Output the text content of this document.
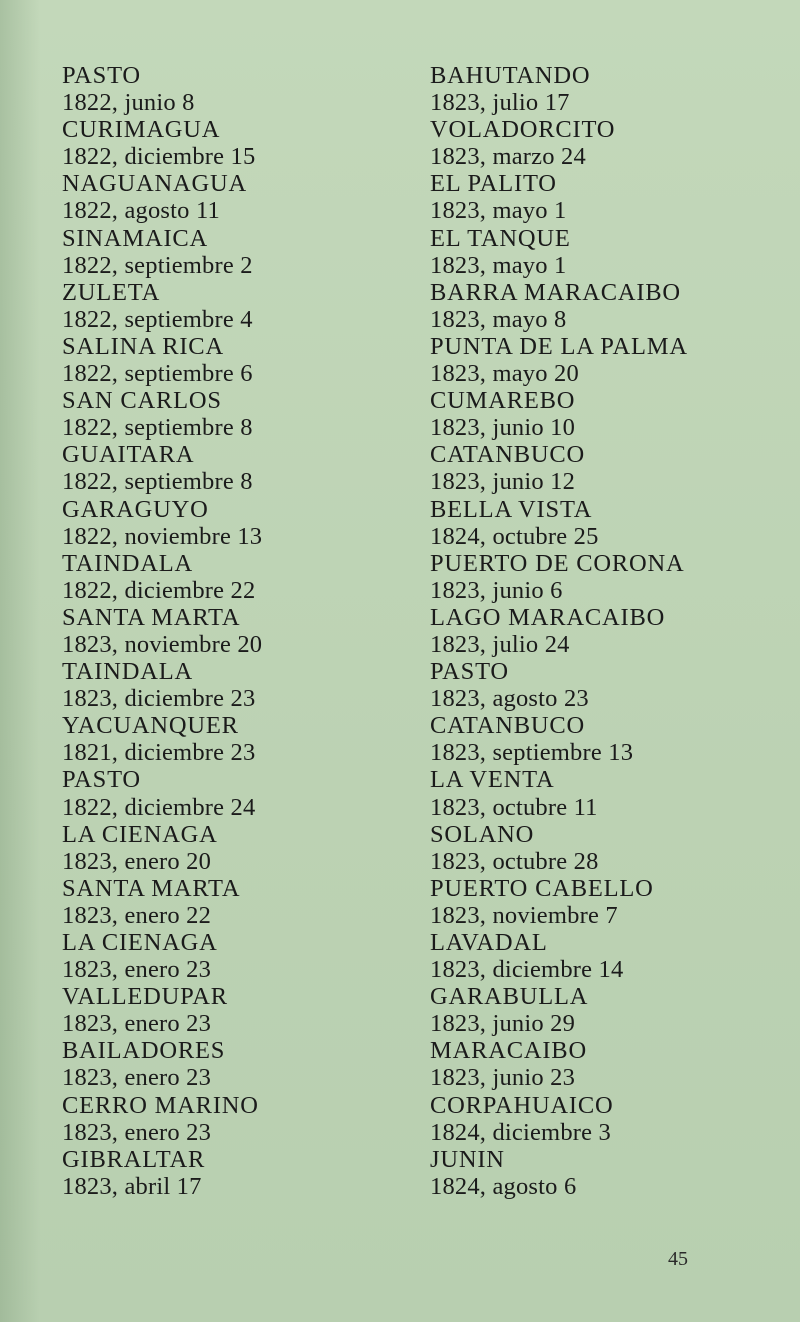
PASTO
1822, junio 8
CURIMAGUA
1822, diciembre 15
NAGUANAGUA
1822, agosto 11
SINAMAICA
1822, septiembre 2
ZULETA
1822, septiembre 4
SALINA RICA
1822, septiembre 6
SAN CARLOS
1822, septiembre 8
GUAITARA
1822, septiembre 8
GARAGUYO
1822, noviembre 13
TAINDALA
1822, diciembre 22
SANTA MARTA
1823, noviembre 20
TAINDALA
1823, diciembre 23
YACUANQUER
1821, diciembre 23
PASTO
1822, diciembre 24
LA CIENAGA
1823, enero 20
SANTA MARTA
1823, enero 22
LA CIENAGA
1823, enero 23
VALLEDUPAR
1823, enero 23
BAILADORES
1823, enero 23
CERRO MARINO
1823, enero 23
GIBRALTAR
1823, abril 17
BAHUTANDO
1823, julio 17
VOLADORCITO
1823, marzo 24
EL PALITO
1823, mayo 1
EL TANQUE
1823, mayo 1
BARRA MARACAIBO
1823, mayo 8
PUNTA DE LA PALMA
1823, mayo 20
CUMAREBO
1823, junio 10
CATANBUCO
1823, junio 12
BELLA VISTA
1824, octubre 25
PUERTO DE CORONA
1823, junio 6
LAGO MARACAIBO
1823, julio 24
PASTO
1823, agosto 23
CATANBUCO
1823, septiembre 13
LA VENTA
1823, octubre 11
SOLANO
1823, octubre 28
PUERTO CABELLO
1823, noviembre 7
LAVADAL
1823, diciembre 14
GARABULLA
1823, junio 29
MARACAIBO
1823, junio 23
CORPAHUAICO
1824, diciembre 3
JUNIN
1824, agosto 6
45
